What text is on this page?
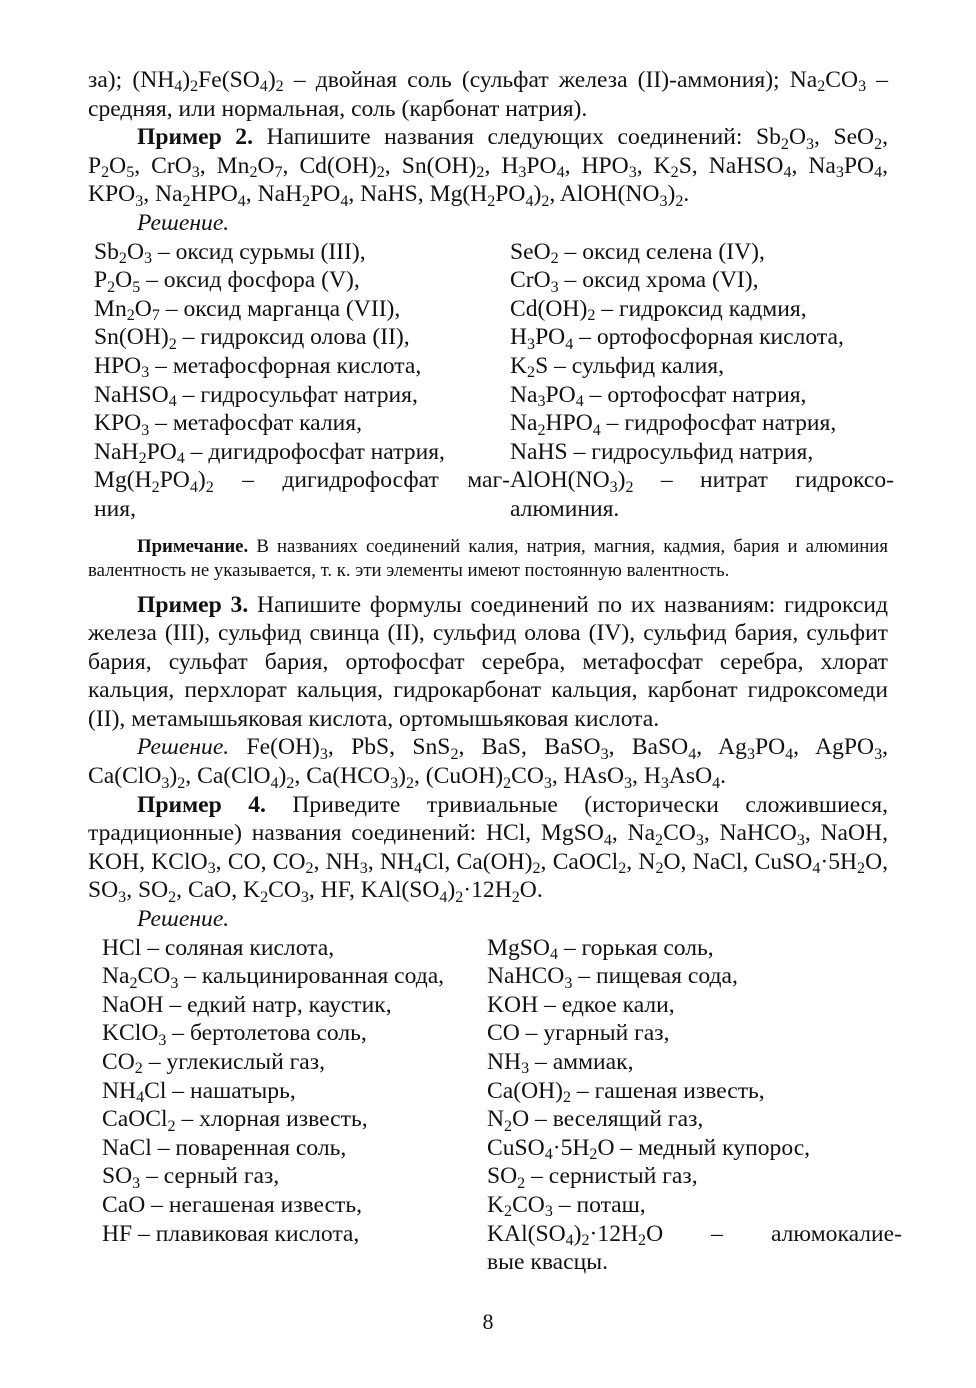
за); $(NH_4)_2Fe(SO_4)_2$ – двойная соль (сульфат железа (II)-аммония); $Na_2CO_3$ – средняя, или нормальная, соль (карбонат натрия).

Пример 2. Напишите названия следующих соединений: $Sb_2O_3$, SeO$_2$, $P_2O_5$, CrO$_3$, $Mn_2O_7$, $Cd(OH)_2$, $Sn(OH)_2$, $H_3PO_4$, $HPO_3$, $K_2S$, NaHSO$_4$, $Na_3PO_4$, $KPO_3$, $Na_2HPO_4$, $NaH_2PO_4$, NaHS, $Mg(H_2PO_4)_2$, $AlOH(NO_3)_2$.

Решение.
$Sb_2O_3$ – оксид сурьмы (III),
$P_2O_5$ – оксид фосфора (V),
$Mn_2O_7$ – оксид марганца (VII),
$Sn(OH)_2$ – гидроксид олова (II),
$HPO_3$ – метафосфорная кислота,
NaHSO$_4$ – гидросульфат натрия,
$KPO_3$ – метафосфат калия,
$NaH_2PO_4$ – дигидрофосфат натрия,
$Mg(H_2PO_4)_2$ – дигидрофосфат маг-
ния,
SeO$_2$ – оксид селена (IV),
CrO$_3$ – оксид хрома (VI),
$Cd(OH)_2$ – гидроксид кадмия,
$H_3PO_4$ – ортофосфорная кислота,
$K_2S$ – сульфид калия,
$Na_3PO_4$ – ортофосфат натрия,
$Na_2HPO_4$ – гидрофосфат натрия,
NaHS – гидросульфид натрия,
$AlOH(NO_3)_2$ – нитрат гидроксо-
алюминия.

Примечание. В названиях соединений калия, натрия, магния, кадмия, бария и алюминия валентность не указывается, т. к. эти элементы имеют постоянную валентность.

Пример 3. Напишите формулы соединений по их названиям: гидроксид железа (III), сульфид свинца (II), сульфид олова (IV), сульфид бария, сульфит бария, сульфат бария, ортофосфат серебра, метафосфат серебра, хлорат кальция, перхлорат кальция, гидрокарбонат кальция, карбонат гидроксомеди (II), метамышьяковая кислота, ортомышьяковая кислота.

Решение. $Fe(OH)_3$, PbS, SnS$_2$, BaS, BaSO$_3$, BaSO$_4$, $Ag_3PO_4$, AgPO$_3$, $Ca(ClO_3)_2$, $Ca(ClO_4)_2$, $Ca(HCO_3)_2$, $(CuOH)_2CO_3$, HAsO$_3$, $H_3AsO_4$.

Пример 4. Приведите тривиальные (исторически сложившиеся, традиционные) названия соединений: HCl, MgSO$_4$, $Na_2CO_3$, NaHCO$_3$, NaOH, KOH, KClO$_3$, CO, $CO_2$, $NH_3$, $NH_4Cl$, $Ca(OH)_2$, CaOCl$_2$, $N_2O$, NaCl, $CuSO_4\cdot 5H_2O$, $SO_3$, $SO_2$, CaO, $K_2CO_3$, HF, $KAl(SO_4)_2\cdot 12H_2O$.

Решение.
HCl – соляная кислота,
$Na_2CO_3$ – кальцинированная сода,
NaOH – едкий натр, каустик,
KClO$_3$ – бертолетова соль,
$CO_2$ – углекислый газ,
$NH_4Cl$ – нашатырь,
CaOCl$_2$ – хлорная известь,
NaCl – поваренная соль,
$SO_3$ – серный газ,
CaO – негашеная известь,
HF – плавиковая кислота,
MgSO$_4$ – горькая соль,
NaHCO$_3$ – пищевая сода,
KOH – едкое кали,
CO – угарный газ,
$NH_3$ – аммиак,
$Ca(OH)_2$ – гашеная известь,
$N_2O$ – веселящий газ,
$CuSO_4\cdot 5H_2O$ – медный купорос,
$SO_2$ – сернистый газ,
$K_2CO_3$ – поташ,
$KAl(SO_4)_2\cdot 12H_2O$ – алюмокалие-
вые квасцы.
8
